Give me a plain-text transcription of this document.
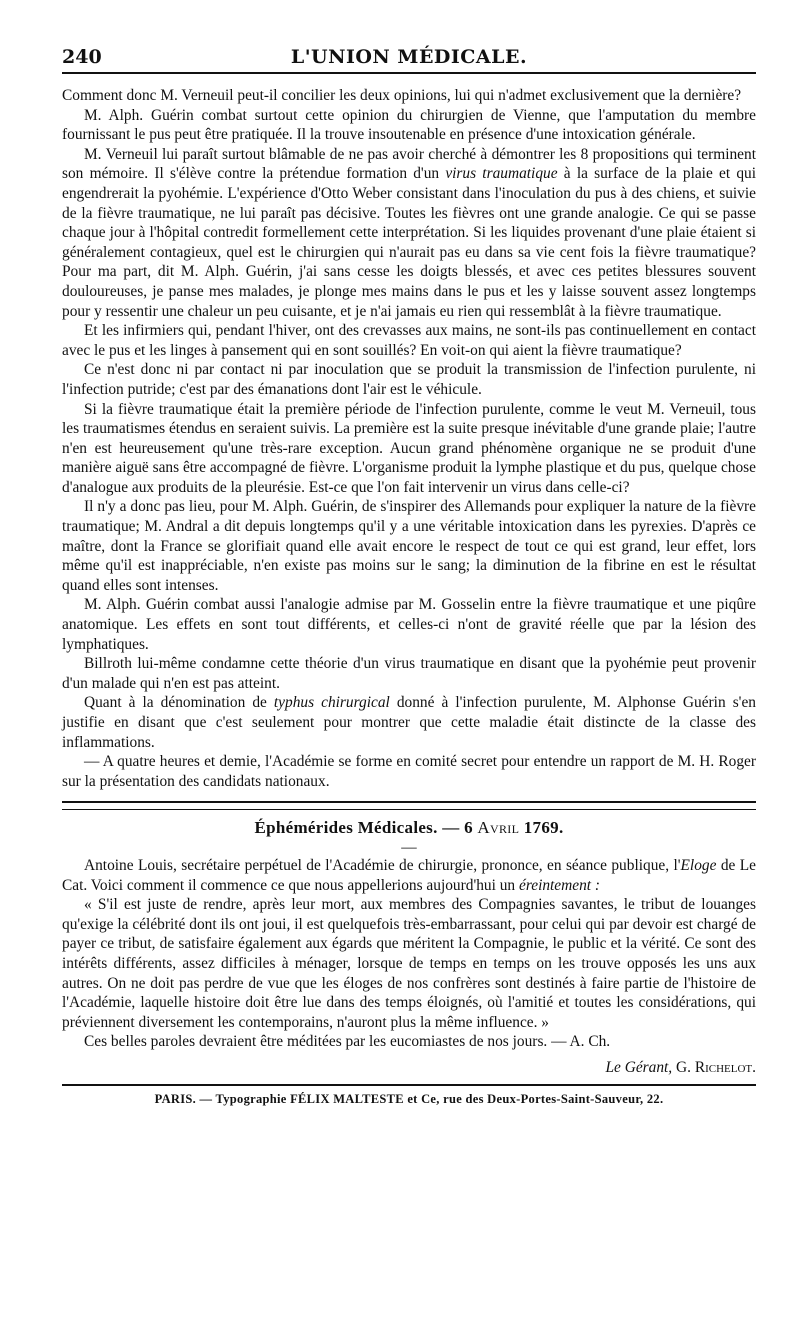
240	L'UNION MÉDICALE.

Comment donc M. Verneuil peut-il concilier les deux opinions, lui qui n'admet exclusivement que la dernière?

M. Alph. Guérin combat surtout cette opinion du chirurgien de Vienne, que l'amputation du membre fournissant le pus peut être pratiquée. Il la trouve insoutenable en présence d'une intoxication générale.

M. Verneuil lui paraît surtout blâmable de ne pas avoir cherché à démontrer les 8 propositions qui terminent son mémoire. Il s'élève contre la prétendue formation d'un virus traumatique à la surface de la plaie et qui engendrerait la pyohémie. L'expérience d'Otto Weber consistant dans l'inoculation du pus à des chiens, et suivie de la fièvre traumatique, ne lui paraît pas décisive. Toutes les fièvres ont une grande analogie. Ce qui se passe chaque jour à l'hôpital contredit formellement cette interprétation. Si les liquides provenant d'une plaie étaient si généralement contagieux, quel est le chirurgien qui n'aurait pas eu dans sa vie cent fois la fièvre traumatique? Pour ma part, dit M. Alph. Guérin, j'ai sans cesse les doigts blessés, et avec ces petites blessures souvent douloureuses, je panse mes malades, je plonge mes mains dans le pus et les y laisse souvent assez longtemps pour y ressentir une chaleur un peu cuisante, et je n'ai jamais eu rien qui ressemblât à la fièvre traumatique.

Et les infirmiers qui, pendant l'hiver, ont des crevasses aux mains, ne sont-ils pas continuellement en contact avec le pus et les linges à pansement qui en sont souillés? En voit-on qui aient la fièvre traumatique?

Ce n'est donc ni par contact ni par inoculation que se produit la transmission de l'infection purulente, ni l'infection putride; c'est par des émanations dont l'air est le véhicule.

Si la fièvre traumatique était la première période de l'infection purulente, comme le veut M. Verneuil, tous les traumatismes étendus en seraient suivis. La première est la suite presque inévitable d'une grande plaie; l'autre n'en est heureusement qu'une très-rare exception. Aucun grand phénomène organique ne se produit d'une manière aiguë sans être accompagné de fièvre. L'organisme produit la lymphe plastique et du pus, quelque chose d'analogue aux produits de la pleurésie. Est-ce que l'on fait intervenir un virus dans celle-ci?

Il n'y a donc pas lieu, pour M. Alph. Guérin, de s'inspirer des Allemands pour expliquer la nature de la fièvre traumatique; M. Andral a dit depuis longtemps qu'il y a une véritable intoxication dans les pyrexies. D'après ce maître, dont la France se glorifiait quand elle avait encore le respect de tout ce qui est grand, leur effet, lors même qu'il est inappréciable, n'en existe pas moins sur le sang; la diminution de la fibrine en est le résultat quand elles sont intenses.

M. Alph. Guérin combat aussi l'analogie admise par M. Gosselin entre la fièvre traumatique et une piqûre anatomique. Les effets en sont tout différents, et celles-ci n'ont de gravité réelle que par la lésion des lymphatiques.

Billroth lui-même condamne cette théorie d'un virus traumatique en disant que la pyohémie peut provenir d'un malade qui n'en est pas atteint.

Quant à la dénomination de typhus chirurgical donné à l'infection purulente, M. Alphonse Guérin s'en justifie en disant que c'est seulement pour montrer que cette maladie était distincte de la classe des inflammations.

— A quatre heures et demie, l'Académie se forme en comité secret pour entendre un rapport de M. H. Roger sur la présentation des candidats nationaux.

Éphémérides Médicales. — 6 Avril 1769.
—

Antoine Louis, secrétaire perpétuel de l'Académie de chirurgie, prononce, en séance publique, l'Eloge de Le Cat. Voici comment il commence ce que nous appellerions aujourd'hui un éreintement :

« S'il est juste de rendre, après leur mort, aux membres des Compagnies savantes, le tribut de louanges qu'exige la célébrité dont ils ont joui, il est quelquefois très-embarrassant, pour celui qui par devoir est chargé de payer ce tribut, de satisfaire également aux égards que méritent la Compagnie, le public et la vérité. Ce sont des intérêts différents, assez difficiles à ménager, lorsque de temps en temps on les trouve opposés les uns aux autres. On ne doit pas perdre de vue que les éloges de nos confrères sont destinés à faire partie de l'histoire de l'Académie, laquelle histoire doit être lue dans des temps éloignés, où l'amitié et toutes les considérations, qui préviennent diversement les contemporains, n'auront plus la même influence. »

Ces belles paroles devraient être méditées par les eucomiastes de nos jours. — A. Ch.

Le Gérant, G. Richelot.
PARIS. — Typographie FÉLIX MALTESTE et Ce, rue des Deux-Portes-Saint-Sauveur, 22.
